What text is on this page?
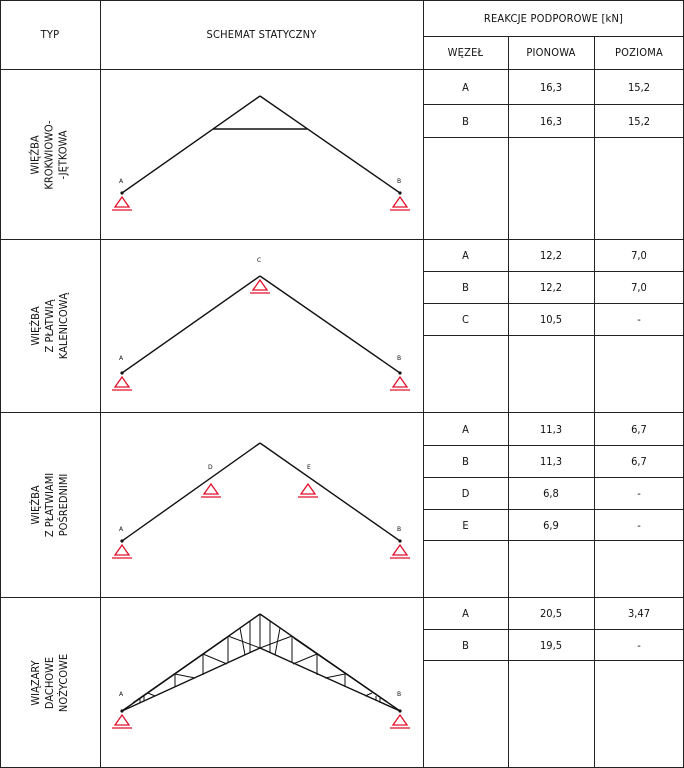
TYP	SCHEMAT STATYCZNY
REAKCJE PODPOROWE [kN]
WĘZEŁ	PIONOWA	POZIOMA
WIĘŹBA
KROKWIOWO-
-JĘTKOWA
WIĘŹBA
Z PŁATWIĄ
KALENICOWĄ
WIĘŹBA
Z PŁATWIAMI
POŚREDNIMI
WIĄZARY
DACHOWE
NOŻYCOWE
A	B
A	B
C
A	B
D	E
A	B
A	16,3	15,2
B	16,3	15,2
A	12,2	7,0
B	12,2	7,0
C	10,5	-
A	11,3	6,7
B	11,3	6,7
D	6,8	-
E	6,9	-
A	20,5	3,47
B	19,5	-
